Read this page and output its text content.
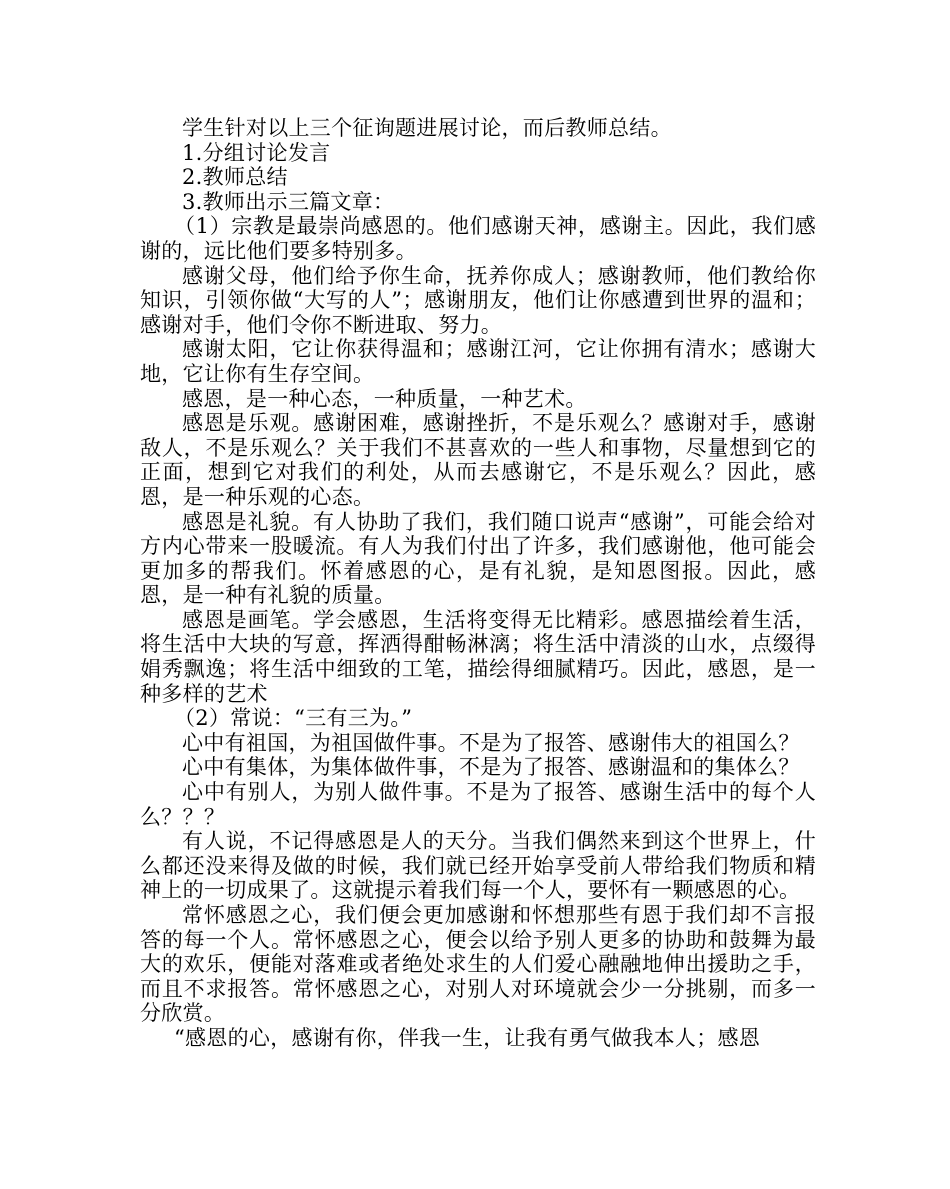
学生针对以上三个征询题进展讨论，而后教师总结。

1.分组讨论发言

2.教师总结

3.教师出示三篇文章：

（1）宗教是最崇尚感恩的。他们感谢天神，感谢主。因此，我们感谢的，远比他们要多特别多。

感谢父母，他们给予你生命，抚养你成人；感谢教师，他们教给你知识，引领你做“大写的人”；感谢朋友，他们让你感遭到世界的温和；感谢对手，他们令你不断进取、努力。

感谢太阳，它让你获得温和；感谢江河，它让你拥有清水；感谢大地，它让你有生存空间。

感恩，是一种心态，一种质量，一种艺术。

感恩是乐观。感谢困难，感谢挫折，不是乐观么？感谢对手，感谢敌人，不是乐观么？关于我们不甚喜欢的一些人和事物，尽量想到它的正面，想到它对我们的利处，从而去感谢它，不是乐观么？因此，感恩，是一种乐观的心态。

感恩是礼貌。有人协助了我们，我们随口说声“感谢”，可能会给对方内心带来一股暖流。有人为我们付出了许多，我们感谢他，他可能会更加多的帮我们。怀着感恩的心，是有礼貌，是知恩图报。因此，感恩，是一种有礼貌的质量。

感恩是画笔。学会感恩，生活将变得无比精彩。感恩描绘着生活，将生活中大块的写意，挥洒得酣畅淋漓；将生活中清淡的山水，点缀得娟秀飘逸；将生活中细致的工笔，描绘得细腻精巧。因此，感恩，是一种多样的艺术

（2）常说：“三有三为。”

心中有祖国，为祖国做件事。不是为了报答、感谢伟大的祖国么？

心中有集体，为集体做件事，不是为了报答、感谢温和的集体么？

心中有别人，为别人做件事。不是为了报答、感谢生活中的每个人么？？？

有人说，不记得感恩是人的天分。当我们偶然来到这个世界上，什么都还没来得及做的时候，我们就已经开始享受前人带给我们物质和精神上的一切成果了。这就提示着我们每一个人，要怀有一颗感恩的心。

常怀感恩之心，我们便会更加感谢和怀想那些有恩于我们却不言报答的每一个人。常怀感恩之心，便会以给予别人更多的协助和鼓舞为最大的欢乐，便能对落难或者绝处求生的人们爱心融融地伸出援助之手，而且不求报答。常怀感恩之心，对别人对环境就会少一分挑剔，而多一分欣赏。

“感恩的心，感谢有你，伴我一生，让我有勇气做我本人；感恩
